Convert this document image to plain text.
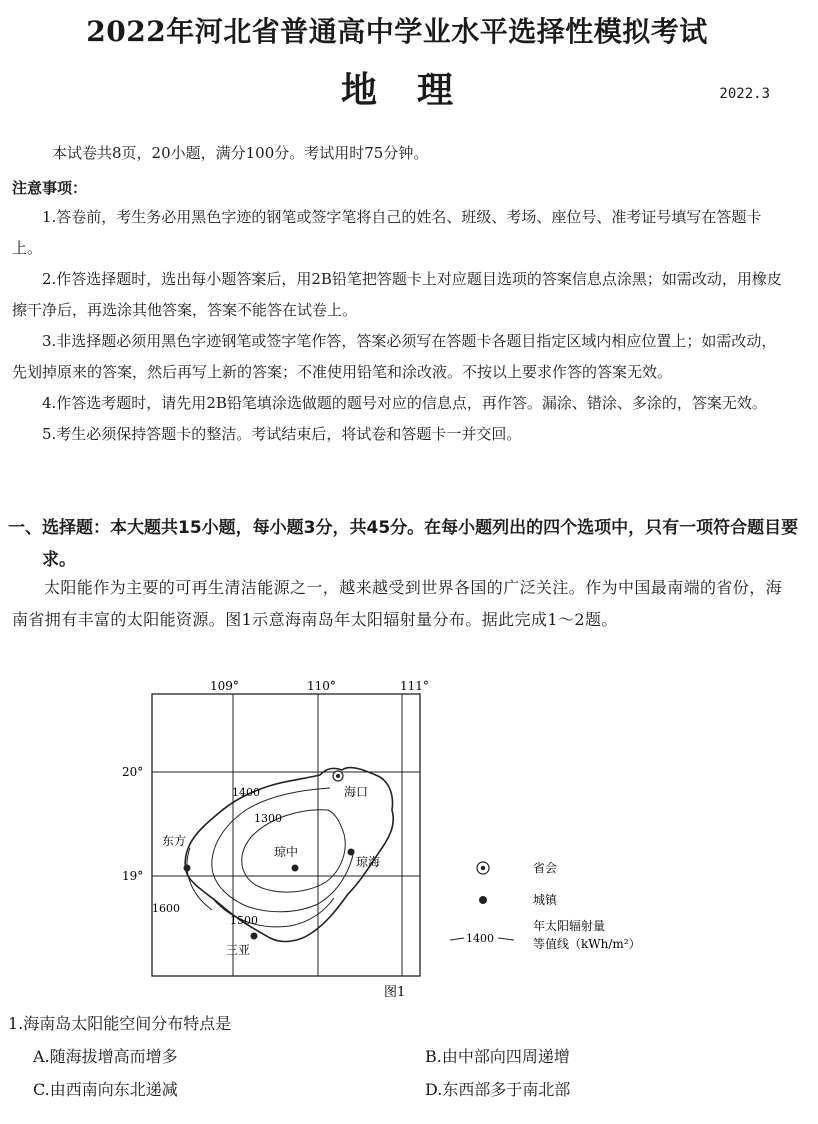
2022年河北省普通高中学业水平选择性模拟考试
地理	2022.3
本试卷共8页，20小题，满分100分。考试用时75分钟。
注意事项：
1.答卷前，考生务必用黑色字迹的钢笔或签字笔将自己的姓名、班级、考场、座位号、准考证号填写在答题卡上。
2.作答选择题时，选出每小题答案后，用2B铅笔把答题卡上对应题目选项的答案信息点涂黑；如需改动，用橡皮擦干净后，再选涂其他答案，答案不能答在试卷上。
3.非选择题必须用黑色字迹钢笔或签字笔作答，答案必须写在答题卡各题目指定区域内相应位置上；如需改动，先划掉原来的答案，然后再写上新的答案；不准使用铅笔和涂改液。不按以上要求作答的答案无效。
4.作答选考题时，请先用2B铅笔填涂选做题的题号对应的信息点，再作答。漏涂、错涂、多涂的，答案无效。
5.考生必须保持答题卡的整洁。考试结束后，将试卷和答题卡一并交回。

一、选择题：本大题共15小题，每小题3分，共45分。在每小题列出的四个选项中，只有一项符合题目要求。

太阳能作为主要的可再生清洁能源之一，越来越受到世界各国的广泛关注。作为中国最南端的省份，海南省拥有丰富的太阳能资源。图1示意海南岛年太阳辐射量分布。据此完成1～2题。

109°	110°	111°
20°
19°
1400
1300
1500
1600
海口
琼中
琼海
东方
三亚
省会
城镇
1400
年太阳辐射量
等值线（kWh/m²）
图1

1.海南岛太阳能空间分布特点是

A.随海拔增高而增多	B.由中部向四周递增
C.由西南向东北递减	D.东西部多于南北部
